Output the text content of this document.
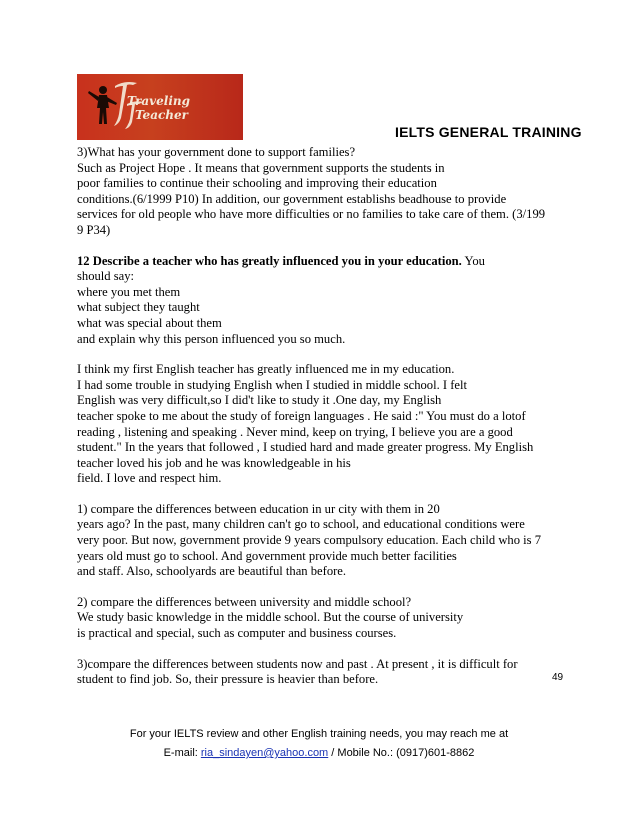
Traveling
Teacher
IELTS GENERAL TRAINING

3)What has your government done to support families?

Such as Project Hope . It means that government supports the students in

poor families to continue their schooling and improving their education

conditions.(6/1999 P10) In addition, our government establishs beadhouse to provide

services for old people who have more difficulties or no families to take care of them. (3/199

9 P34)

12 Describe a teacher who has greatly influenced you in your education. You

should say:

where you met them

what subject they taught

what was special about them

and explain why this person influenced you so much.

I think my first English teacher has greatly influenced me in my education.

I had some trouble in studying English when I studied in middle school. I felt

English was very difficult,so I did't like to study it .One day, my English

teacher spoke to me about the study of foreign languages . He said :" You must do a lotof

reading , listening and speaking . Never mind, keep on trying, I believe you are a good

student." In the years that followed , I studied hard and made greater progress. My English

teacher loved his job and he was knowledgeable in his

field. I love and respect him.

1) compare the differences between education in ur city with them in 20

years ago? In the past, many children can't go to school, and educational conditions were

very poor. But now, government provide 9 years compulsory education. Each child who is 7

years old must go to school. And government provide much better facilities

and staff. Also, schoolyards are beautiful than before.

2) compare the differences between university and middle school?

We study basic knowledge in the middle school. But the course of university

is practical and special, such as computer and business courses.

3)compare the differences between students now and past . At present , it is difficult for

student to find job. So, their pressure is heavier than before.	49
For your IELTS review and other English training needs, you may reach me at
E-mail: ria_sindayen@yahoo.com / Mobile No.: (0917)601-8862
